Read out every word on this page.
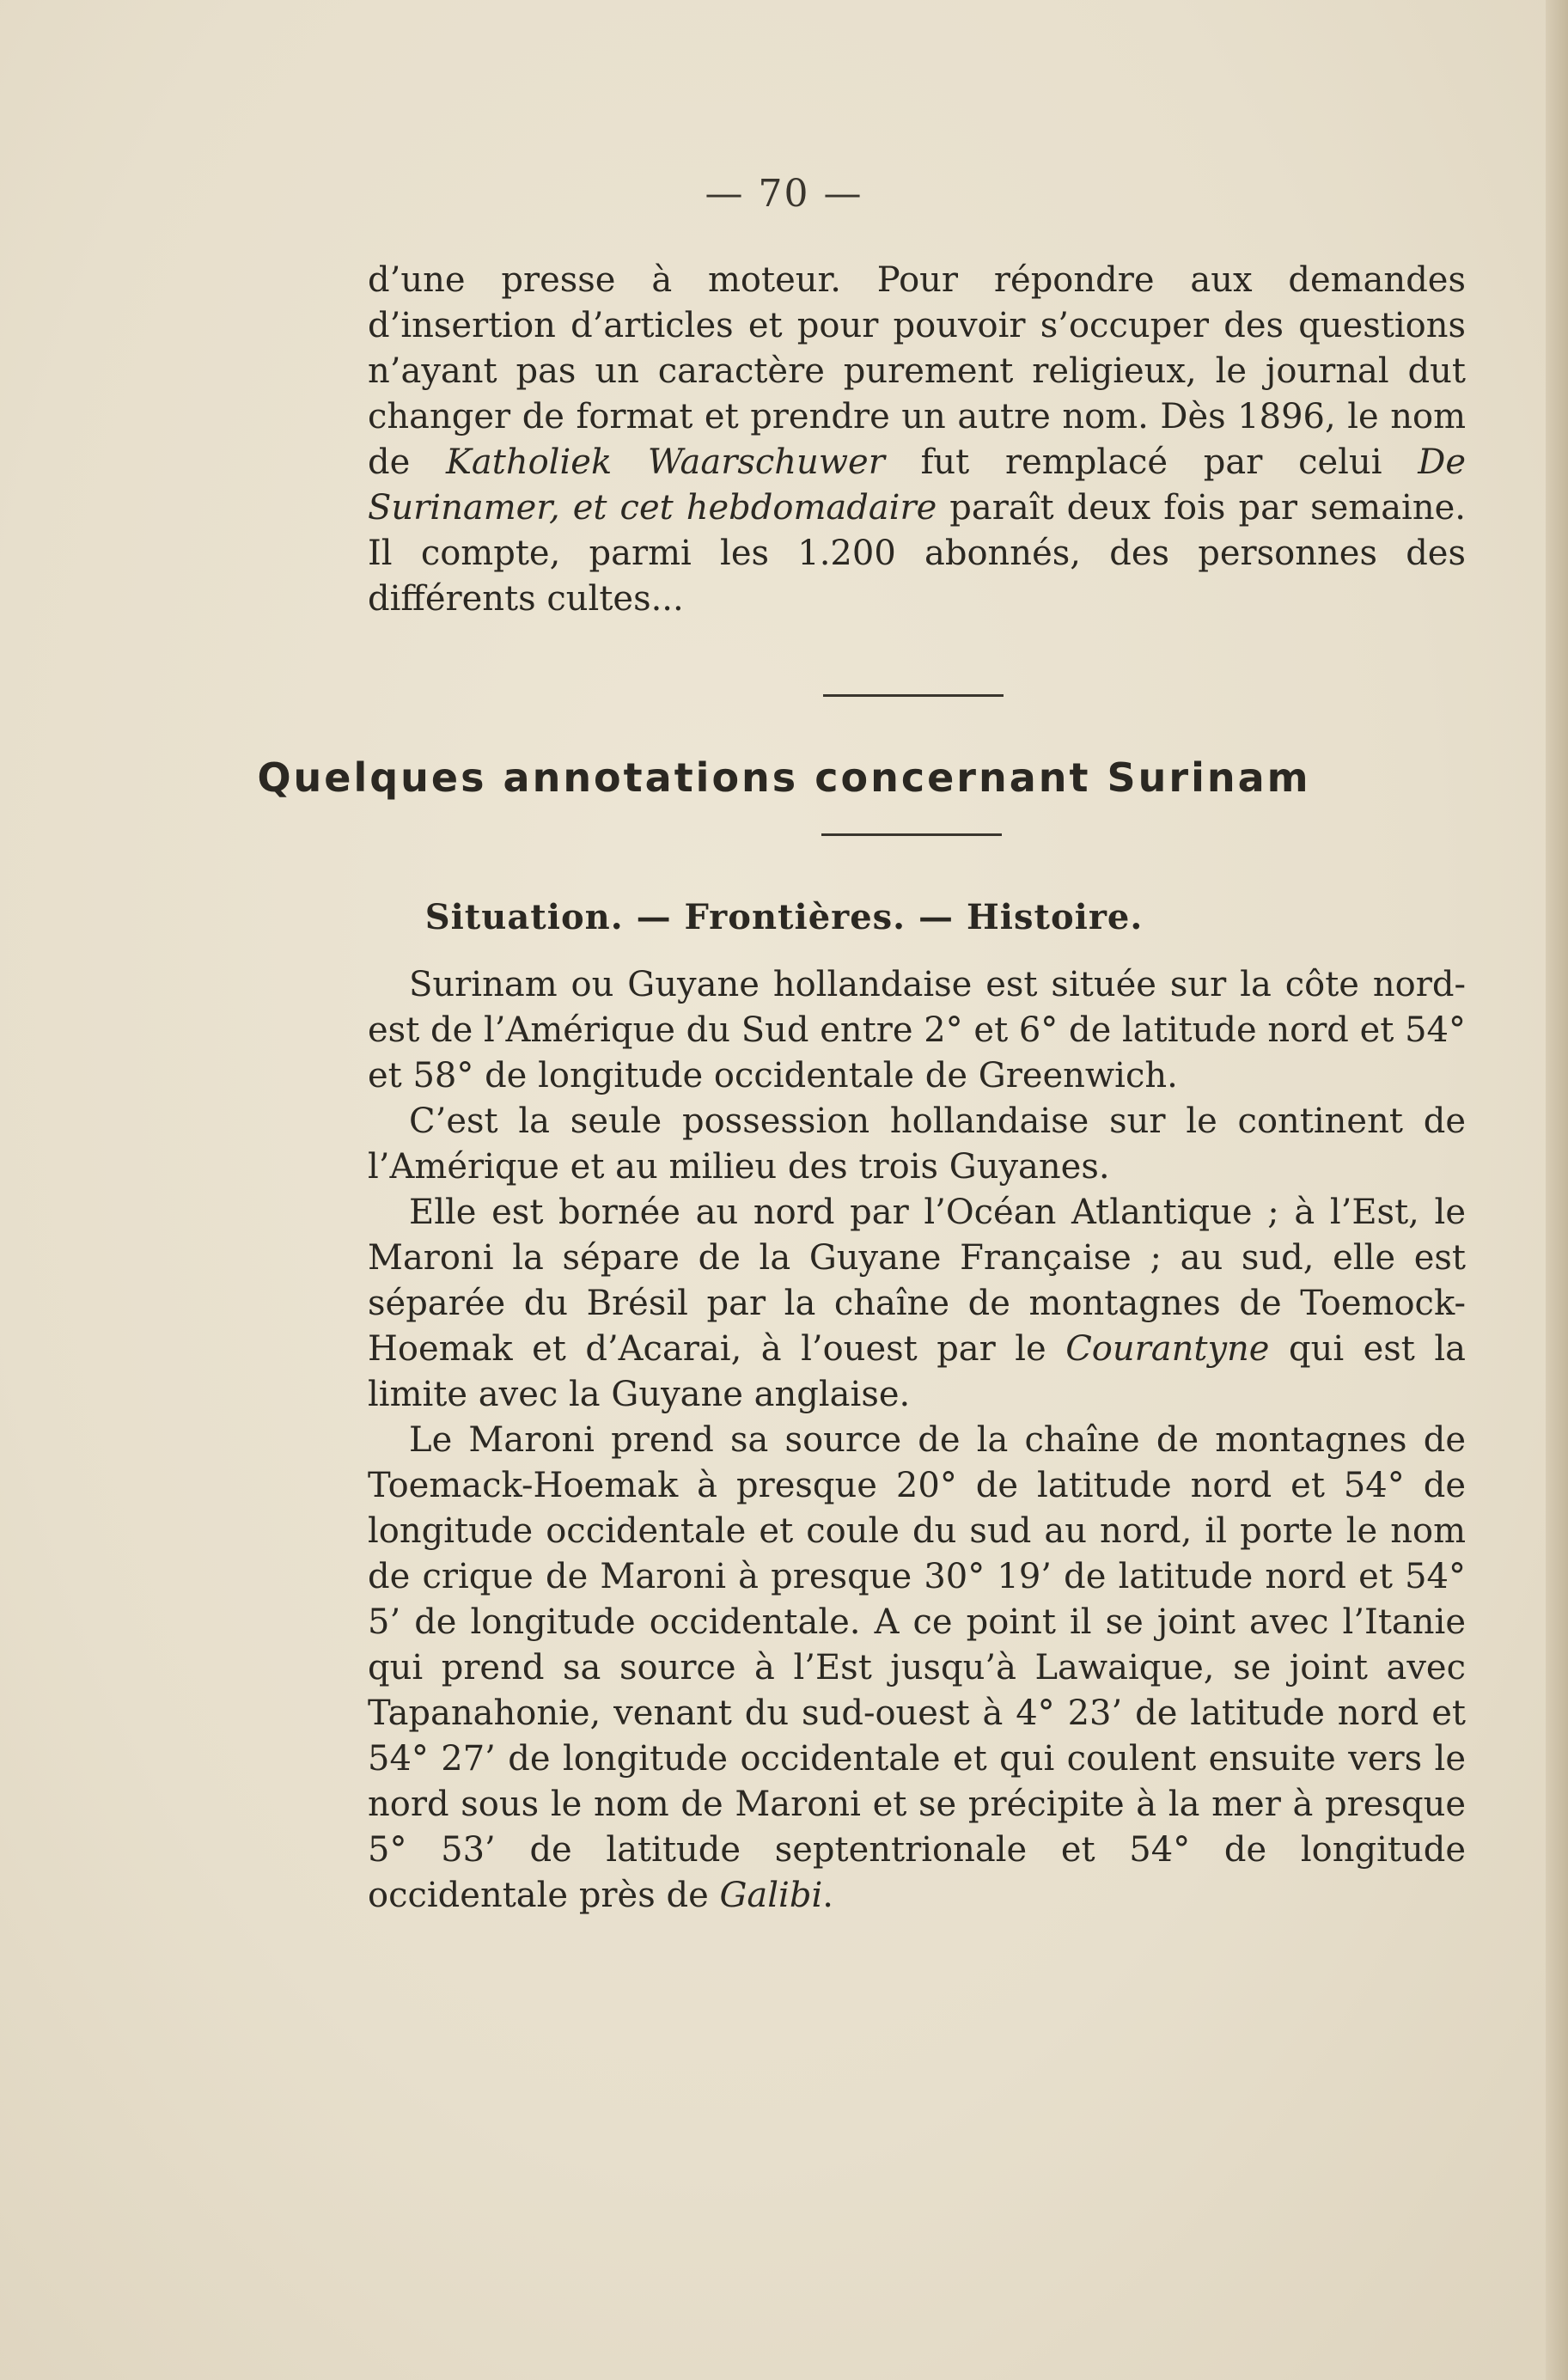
— 70 —

d’une presse à moteur. Pour répondre aux demandes d’insertion d’articles et pour pouvoir s’occuper des questions n’ayant pas un caractère purement religieux, le journal dut changer de format et prendre un autre nom. Dès 1896, le nom de Katholiek Waarschuwer fut remplacé par celui De Surinamer, et cet hebdomadaire paraît deux fois par semaine. Il compte, parmi les 1.200 abonnés, des personnes des différents cultes...

Quelques annotations concernant Surinam
Situation. — Frontières. — Histoire.

Surinam ou Guyane hollandaise est située sur la côte nord-est de l’Amérique du Sud entre 2° et 6° de latitude nord et 54° et 58° de longitude occidentale de Greenwich.

C’est la seule possession hollandaise sur le continent de l’Amérique et au milieu des trois Guyanes.

Elle est bornée au nord par l’Océan Atlantique ; à l’Est, le Maroni la sépare de la Guyane Française ; au sud, elle est séparée du Brésil par la chaîne de montagnes de Toemock-Hoemak et d’Acarai, à l’ouest par le Courantyne qui est la limite avec la Guyane anglaise.

Le Maroni prend sa source de la chaîne de montagnes de Toemack-Hoemak à presque 20° de latitude nord et 54° de longitude occidentale et coule du sud au nord, il porte le nom de crique de Maroni à presque 30° 19’ de latitude nord et 54° 5’ de longitude occidentale. A ce point il se joint avec l’Itanie qui prend sa source à l’Est jusqu’à Lawaique, se joint avec Tapanahonie, venant du sud-ouest à 4° 23’ de latitude nord et 54° 27’ de longitude occidentale et qui coulent ensuite vers le nord sous le nom de Maroni et se précipite à la mer à presque 5° 53’ de latitude septentrionale et 54° de longitude occidentale près de Galibi.
